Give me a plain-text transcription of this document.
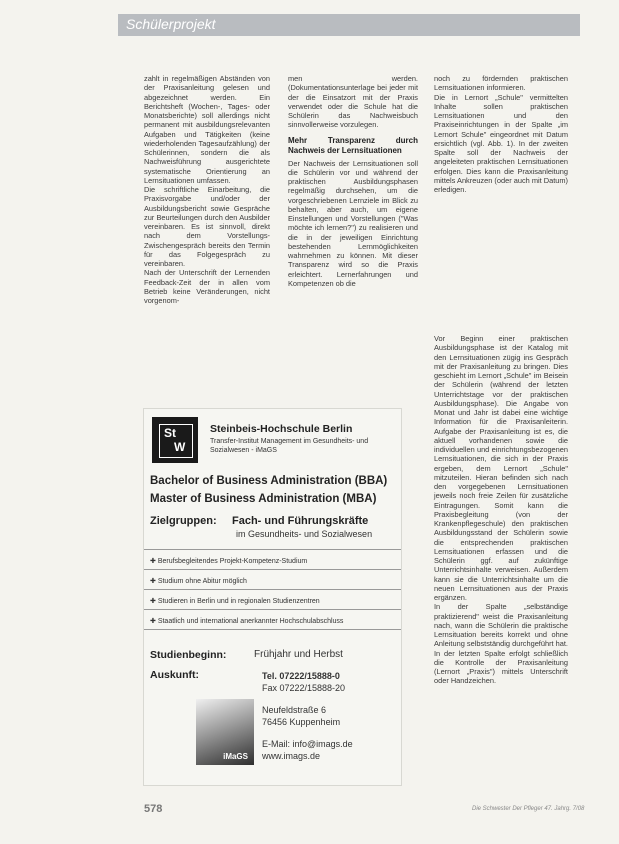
Schülerprojekt

zahlt in regelmäßigen Abständen von der Praxisanleitung gelesen und abgezeichnet werden. Ein Berichtsheft (Wochen-, Tages- oder Monatsberichte) soll allerdings nicht permanent mit ausbildungsrelevanten Aufgaben und Tätigkeiten (keine wiederholenden Tagesaufzählung) der Schülerinnen, sondern die als Nachweisführung ausgerichtete systematische Orientierung an Lernsituationen umfassen.

Die schriftliche Einarbeitung, die Praxisvorgabe und/oder der Ausbildungsbericht sowie Gespräche zur Beurteilungen durch den Ausbilder vereinbaren. Es ist sinnvoll, direkt nach dem Vorstellungs- Zwischengespräch bereits den Termin für das Folgegespräch zu vereinbaren.

Nach der Unterschrift der Lernenden Feedback-Zeit der in allen vom Betrieb keine Veränderungen, nicht vorgenom-

men werden. (Dokumentationsunterlage bei jeder mit der die Einsatzort mit der Praxis verwendet oder die Schule hat die Schülerin das Nachweisbuch sinnvollerweise vorzulegen.

Mehr Transparenz durch Nachweis der Lernsituationen

Der Nachweis der Lernsituationen soll die Schülerin vor und während der praktischen Ausbildungsphasen regelmäßig durchsehen, um die vorgeschriebenen Lernziele im Blick zu behalten, aber auch, um eigene Einstellungen und Vorstellungen ("Was möchte ich lernen?") zu realisieren und die in der jeweiligen Einrichtung bestehenden Lernmöglichkeiten wahrnehmen zu können. Mit dieser Transparenz wird so die Praxis erleichtert. Lernerfahrungen und Kompetenzen ob die

noch zu fördernden praktischen Lernsituationen informieren.

Die in Lernort „Schule" vermittelten Inhalte sollen praktischen Lernsituationen und den Praxiseinrichtungen in der Spalte „im Lernort Schule" eingeordnet mit Datum ersichtlich (vgl. Abb. 1). In der zweiten Spalte soll der Nachweis der angeleiteten praktischen Lernsituationen erfolgen. Dies kann die Praxisanleitung mittels Ankreuzen (oder auch mit Datum) erledigen.

Vor Beginn einer praktischen Ausbildungsphase ist der Katalog mit den Lernsituationen zügig ins Gespräch mit der Praxisanleitung zu bringen. Dies geschieht im Lernort „Schule" im Beisein der Schülerin (während der letzten Unterrichtstage vor der praktischen Ausbildungsphase). Die Angabe von Monat und Jahr ist dabei eine wichtige Information für die Praxisanleiterin. Aufgabe der Praxisanleitung ist es, die aktuell vorhandenen sowie die individuellen und einrichtungsbezogenen Lernsituationen, die sich in der Praxis ergeben, dem Lernort „Schule" mitzuteilen. Hieran befinden sich nach den vorgegebenen Lernsituationen jeweils noch freie Zeilen für zusätzliche Eintragungen. Somit kann die Praxisbegleitung (von der Krankenpflegeschule) den praktischen Ausbildungsstand der Schülerin sowie die entsprechenden praktischen Lernsituationen erfassen und die Schülerin ggf. auf zukünftige Unterrichtsinhalte verweisen. Außerdem kann sie die Unterrichtsinhalte um die neuen Lernsituationen aus der Praxis ergänzen.

In der Spalte „selbständige praktizierend" weist die Praxisanleitung nach, wann die Schülerin die praktische Lernsituation bereits korrekt und ohne Anleitung selbstständig durchgeführt hat. In der letzten Spalte erfolgt schließlich die Kontrolle der Praxisanleitung (Lernort „Praxis") mittels Unterschrift oder Handzeichen.

St
W
Steinbeis-Hochschule Berlin
Transfer-Institut Management im Gesundheits- und Sozialwesen - iMaGS
Bachelor of Business Administration (BBA)
Master of Business Administration (MBA)
Zielgruppen: Fach- und Führungskräfte
im Gesundheits- und Sozialwesen
✚ Berufsbegleitendes Projekt-Kompetenz-Studium
✚ Studium ohne Abitur möglich
✚ Studieren in Berlin und in regionalen Studienzentren
✚ Staatlich und international anerkannter Hochschulabschluss
Studienbeginn:	Frühjahr und Herbst
Auskunft:	Tel. 07222/15888-0
Fax 07222/15888-20
Neufeldstraße 6
76456 Kuppenheim
E-Mail: info@imags.de
www.imags.de
iMaGS
578	Die Schwester Der Pfleger 47. Jahrg. 7/08
